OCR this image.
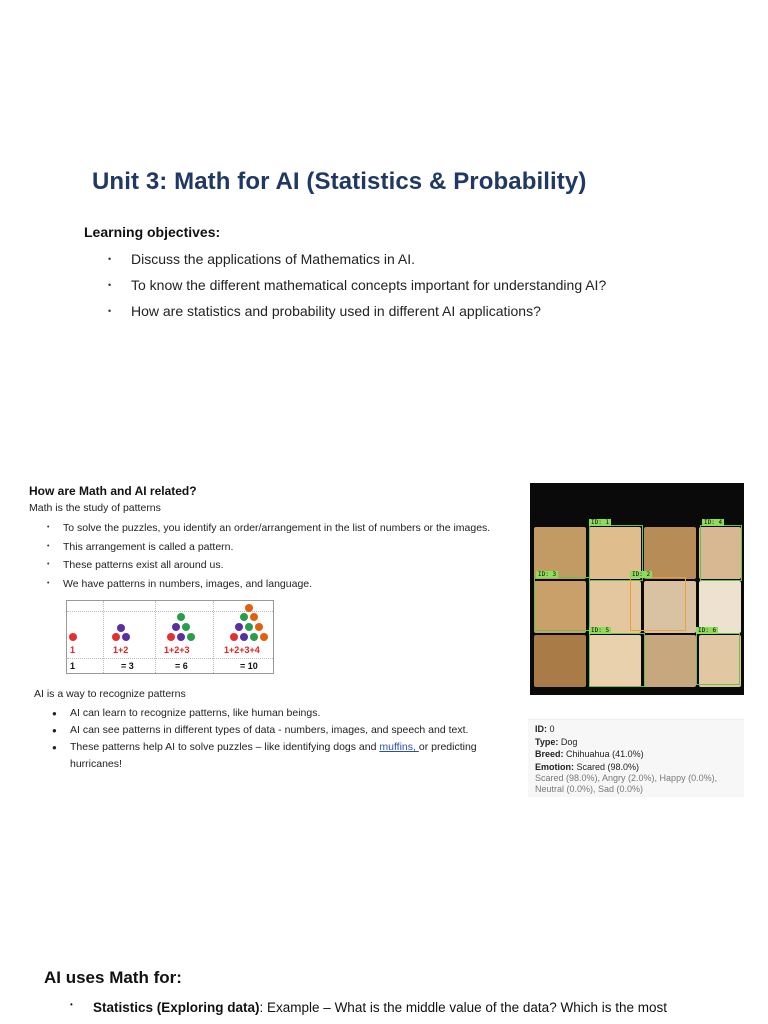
Unit 3: Math for AI (Statistics & Probability)
Learning objectives:
• Discuss the applications of Mathematics in AI.
• To know the different mathematical concepts important for understanding AI?
• How are statistics and probability used in different AI applications?
How are Math and AI related?
Math is the study of patterns
• To solve the puzzles, you identify an order/arrangement in the list of numbers or the images.
• This arrangement is called a pattern.
• These patterns exist all around us.
• We have patterns in numbers, images, and language.
1	1+2	1+2+3	1+2+3+4
1	= 3	= 6	= 10
AI is a way to recognize patterns
● AI can learn to recognize patterns, like human beings.
● AI can see patterns in different types of data - numbers, images, and speech and text.
● These patterns help AI to solve puzzles – like identifying dogs and muffins, or predicting hurricanes!
ID: 1	ID: 4
ID: 2
ID: 3
ID: 5	ID: 6
ID: 0
Type: Dog
Breed: Chihuahua (41.0%)
Emotion: Scared (98.0%)
Scared (98.0%), Angry (2.0%), Happy (0.0%), Neutral (0.0%), Sad (0.0%)
AI uses Math for:
• Statistics (Exploring data): Example – What is the middle value of the data? Which is the most
